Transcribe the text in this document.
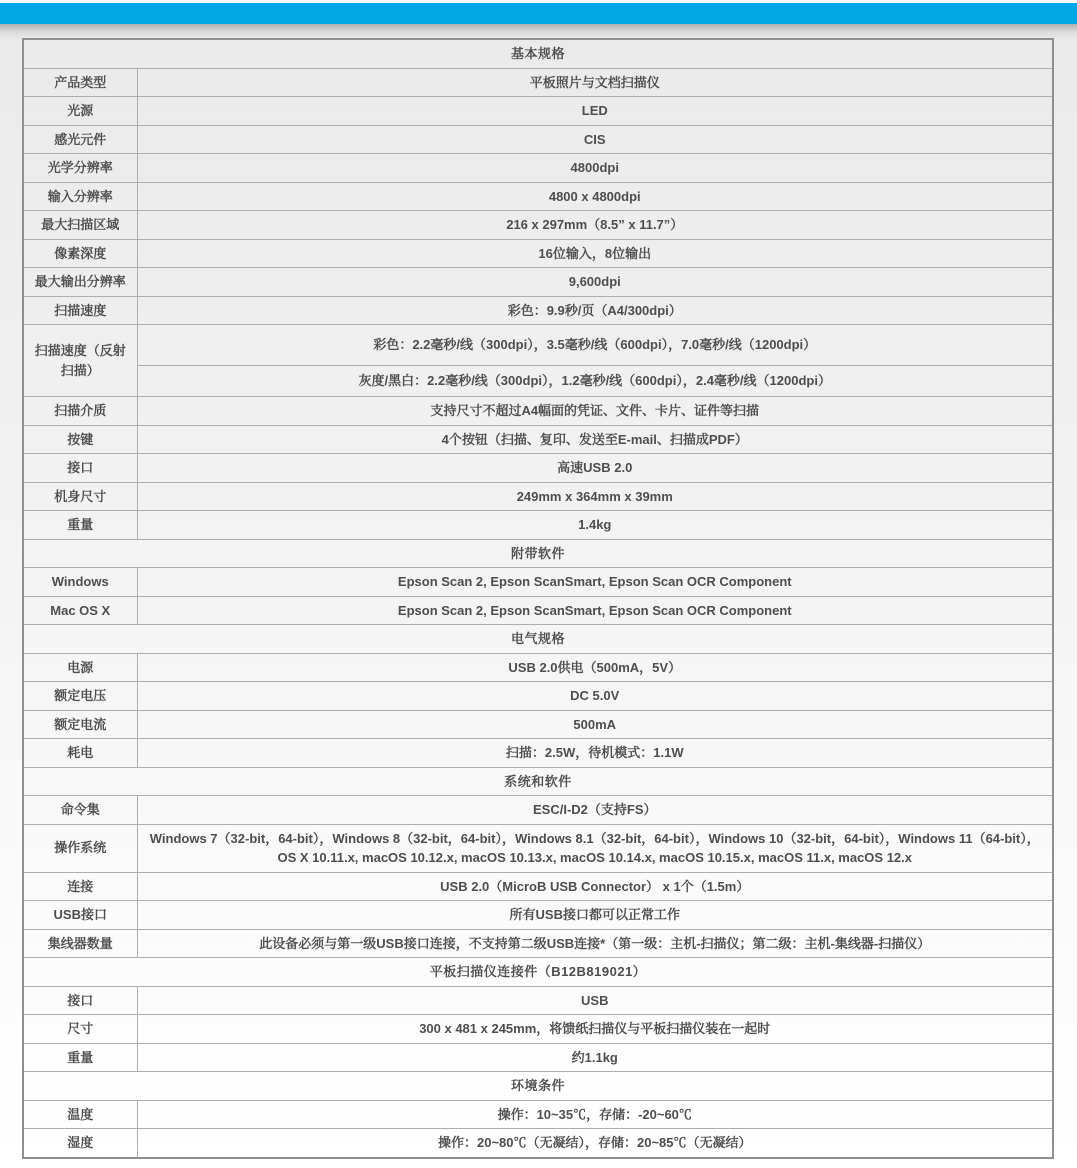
基本规格	
产品类型	平板照片与文档扫描仪
光源	LED
感光元件	CIS
光学分辨率	4800dpi
输入分辨率	4800 x 4800dpi
最大扫描区域	216 x 297mm（8.5” x 11.7”）
像素深度	16位输入，8位输出
最大输出分辨率	9,600dpi
扫描速度	彩色：9.9秒/页（A4/300dpi）
扫描速度（反射扫描）	彩色：2.2毫秒/线（300dpi），3.5毫秒/线（600dpi），7.0毫秒/线（1200dpi）
	灰度/黑白：2.2毫秒/线（300dpi），1.2毫秒/线（600dpi），2.4毫秒/线（1200dpi）
扫描介质	支持尺寸不超过A4幅面的凭证、文件、卡片、证件等扫描
按键	4个按钮（扫描、复印、发送至E-mail、扫描成PDF）
接口	高速USB 2.0
机身尺寸	249mm x 364mm x 39mm
重量	1.4kg
附带软件	
Windows	Epson Scan 2, Epson ScanSmart, Epson Scan OCR Component
Mac OS X	Epson Scan 2, Epson ScanSmart, Epson Scan OCR Component
电气规格	
电源	USB 2.0供电（500mA，5V）
额定电压	DC 5.0V
额定电流	500mA
耗电	扫描：2.5W，待机模式：1.1W
系统和软件	
命令集	ESC/I-D2（支持FS）
操作系统	Windows 7（32-bit，64-bit），Windows 8（32-bit，64-bit），Windows 8.1（32-bit，64-bit），Windows 10（32-bit，64-bit），Windows 11（64-bit），OS X 10.11.x, macOS 10.12.x, macOS 10.13.x, macOS 10.14.x, macOS 10.15.x, macOS 11.x, macOS 12.x
连接	USB 2.0（MicroB USB Connector） x 1个（1.5m）
USB接口	所有USB接口都可以正常工作
集线器数量	此设备必须与第一级USB接口连接，不支持第二级USB连接*（第一级：主机-扫描仪；第二级：主机-集线器-扫描仪）
平板扫描仪连接件（B12B819021）	
接口	USB
尺寸	300 x 481 x 245mm，将馈纸扫描仪与平板扫描仪装在一起时
重量	约1.1kg
环境条件	
温度	操作：10~35℃，存储：-20~60℃
湿度	操作：20~80℃（无凝结），存储：20~85℃（无凝结）
